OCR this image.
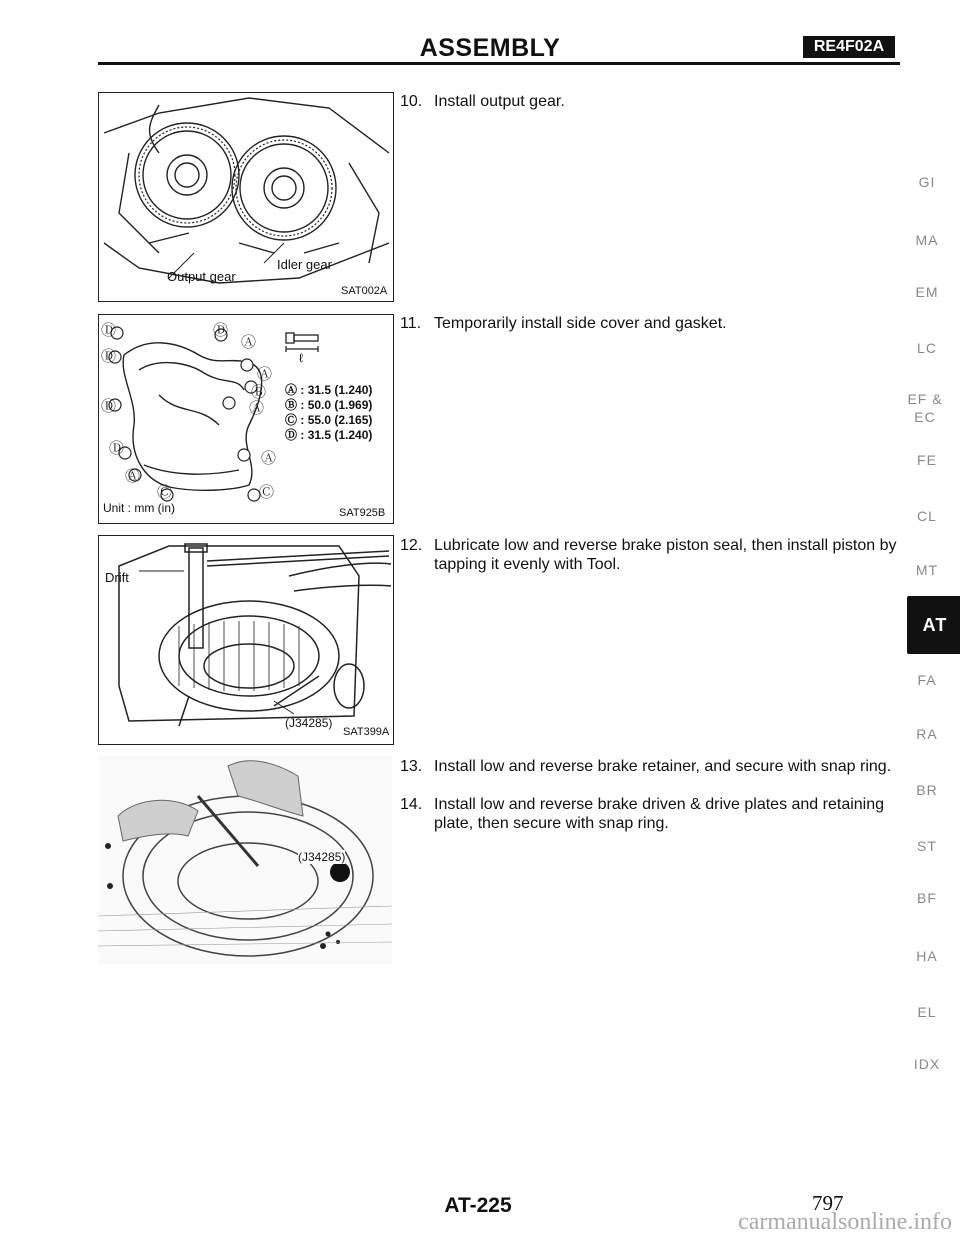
ASSEMBLY	RE4F02A
Idler gear
Output gear
SAT002A
ℓ
Ⓐ : 31.5 (1.240)
Ⓑ : 50.0 (1.969)
Ⓒ : 55.0 (2.165)
Ⓓ : 31.5 (1.240)
Ⓓ	Ⓓ
Ⓐ
Ⓓ
Ⓐ
Ⓑ
Ⓓ	Ⓐ
Ⓓ
Ⓐ
Ⓐ
Ⓒ	Ⓒ
Unit : mm (in)	SAT925B
Drift
(J34285)
SAT399A
(J34285)
10. Install output gear.
11. Temporarily install side cover and gasket.
12. Lubricate low and reverse brake piston seal, then install piston by tapping it evenly with Tool.
13. Install low and reverse brake retainer, and secure with snap ring.
14. Install low and reverse brake driven & drive plates and retaining plate, then secure with snap ring.
GI
MA
EM
LC
EF & EC
FE
CL
MT
AT
FA
RA
BR
ST
BF
HA
EL
IDX
AT-225	797
carmanualsonline.info
